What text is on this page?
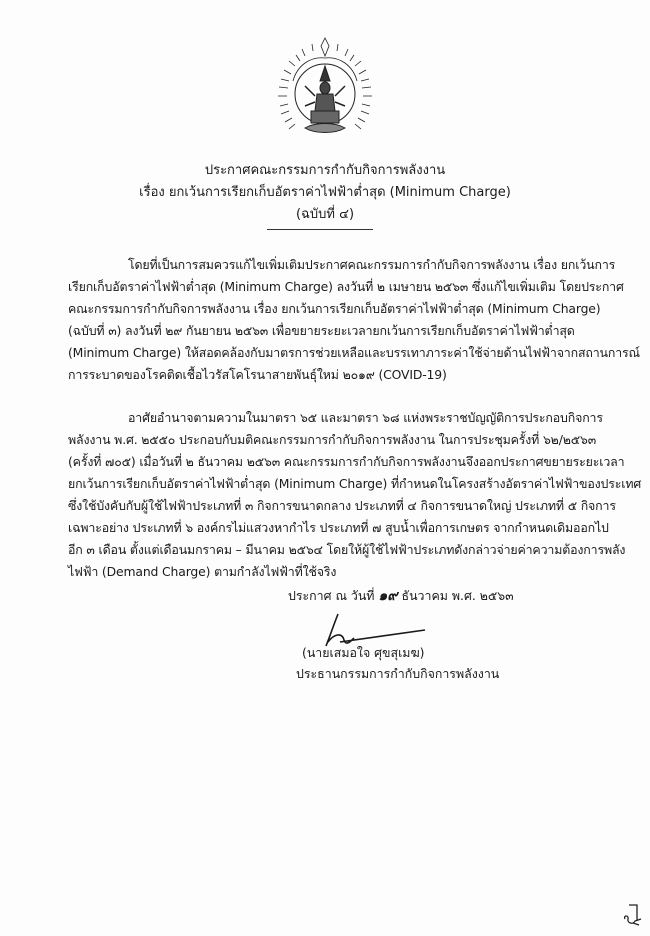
ประกาศคณะกรรมการกำกับกิจการพลังงาน
เรื่อง ยกเว้นการเรียกเก็บอัตราค่าไฟฟ้าต่ำสุด (Minimum Charge)
(ฉบับที่ ๔)
โดยที่เป็นการสมควรแก้ไขเพิ่มเติมประกาศคณะกรรมการกำกับกิจการพลังงาน เรื่อง ยกเว้นการ
เรียกเก็บอัตราค่าไฟฟ้าต่ำสุด (Minimum Charge) ลงวันที่ ๒ เมษายน ๒๕๖๓ ซึ่งแก้ไขเพิ่มเติม โดยประกาศ
คณะกรรมการกำกับกิจการพลังงาน เรื่อง ยกเว้นการเรียกเก็บอัตราค่าไฟฟ้าต่ำสุด (Minimum Charge)
(ฉบับที่ ๓) ลงวันที่ ๒๙ กันยายน ๒๕๖๓ เพื่อขยายระยะเวลายกเว้นการเรียกเก็บอัตราค่าไฟฟ้าต่ำสุด
(Minimum Charge) ให้สอดคล้องกับมาตรการช่วยเหลือและบรรเทาภาระค่าใช้จ่ายด้านไฟฟ้าจากสถานการณ์
การระบาดของโรคติดเชื้อไวรัสโคโรนาสายพันธุ์ใหม่ ๒๐๑๙ (COVID-19)
อาศัยอำนาจตามความในมาตรา ๖๕ และมาตรา ๖๘ แห่งพระราชบัญญัติการประกอบกิจการ
พลังงาน พ.ศ. ๒๕๕๐ ประกอบกับมติคณะกรรมการกำกับกิจการพลังงาน ในการประชุมครั้งที่ ๖๒/๒๕๖๓
(ครั้งที่ ๗๐๕) เมื่อวันที่ ๒ ธันวาคม ๒๕๖๓ คณะกรรมการกำกับกิจการพลังงานจึงออกประกาศขยายระยะเวลา
ยกเว้นการเรียกเก็บอัตราค่าไฟฟ้าต่ำสุด (Minimum Charge) ที่กำหนดในโครงสร้างอัตราค่าไฟฟ้าของประเทศ
ซึ่งใช้บังคับกับผู้ใช้ไฟฟ้าประเภทที่ ๓ กิจการขนาดกลาง ประเภทที่ ๔ กิจการขนาดใหญ่ ประเภทที่ ๕ กิจการ
เฉพาะอย่าง ประเภทที่ ๖ องค์กรไม่แสวงหากำไร ประเภทที่ ๗ สูบน้ำเพื่อการเกษตร จากกำหนดเดิมออกไป
อีก ๓ เดือน ตั้งแต่เดือนมกราคม – มีนาคม ๒๕๖๔ โดยให้ผู้ใช้ไฟฟ้าประเภทดังกล่าวจ่ายค่าความต้องการพลัง
ไฟฟ้า (Demand Charge) ตามกำลังไฟฟ้าที่ใช้จริง
ประกาศ ณ วันที่ ๑๙ ธันวาคม พ.ศ. ๒๕๖๓
(นายเสมอใจ ศุขสุเมฆ)
ประธานกรรมการกำกับกิจการพลังงาน
